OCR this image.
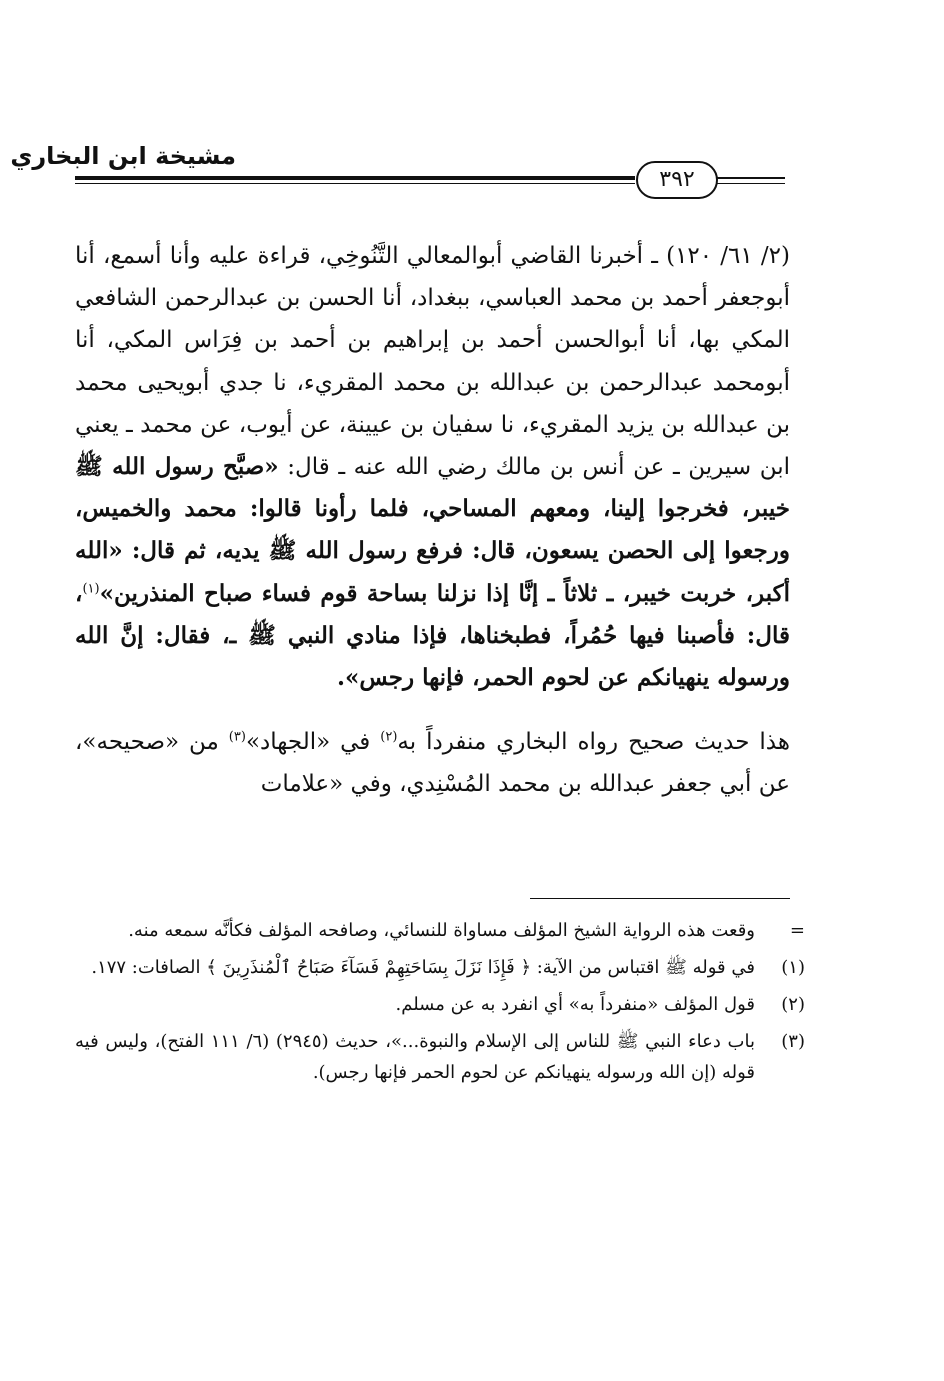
مشيخة ابن البخاري
٣٩٢

(٢/ ٦١/ ١٢٠) ـ أخبرنا القاضي أبوالمعالي التَّنُوخِي، قراءة عليه وأنا أسمع، أنا أبوجعفر أحمد بن محمد العباسي، ببغداد، أنا الحسن بن عبدالرحمن الشافعي المكي بها، أنا أبوالحسن أحمد بن إبراهيم بن أحمد بن فِرَاس المكي، أنا أبومحمد عبدالرحمن بن عبدالله بن محمد المقريء، نا جدي أبويحيى محمد بن عبدالله بن يزيد المقريء، نا سفيان بن عيينة، عن أيوب، عن محمد ـ يعني ابن سيرين ـ عن أنس بن مالك رضي الله عنه ـ قال: «صبَّح رسول الله ﷺ خيبر، فخرجوا إلينا، ومعهم المساحي، فلما رأونا قالوا: محمد والخميس، ورجعوا إلى الحصن يسعون، قال: فرفع رسول الله ﷺ يديه، ثم قال: «الله أكبر، خربت خيبر، ـ ثلاثاً ـ إنَّا إذا نزلنا بساحة قوم فساء صباح المنذرين»$^{(١)}$، قال: فأصبنا فيها حُمُراً، فطبخناها، فإذا منادي النبي ﷺ ـ، فقال: إنَّ الله ورسوله ينهيانكم عن لحوم الحمر، فإنها رجس».

هذا حديث صحيح رواه البخاري منفرداً به$^{(٢)}$ في «الجهاد»$^{(٣)}$ من «صحيحه»، عن أبي جعفر عبدالله بن محمد المُسْنِدي، وفي «علامات

=
وقعت هذه الرواية الشيخ المؤلف مساواة للنسائي، وصافحه المؤلف فكأنَّه سمعه منه.
(١)
في قوله ﷺ اقتباس من الآية: ﴿ فَإِذَا نَزَلَ بِسَاحَتِهِمْ فَسَآءَ صَبَاحُ ٱلْمُنذَرِينَ ﴾ الصافات: ١٧٧.
(٢)
قول المؤلف «منفرداً به» أي انفرد به عن مسلم.
(٣)
باب دعاء النبي ﷺ للناس إلى الإسلام والنبوة...»، حديث (٢٩٤٥) (٦/ ١١١ الفتح)، وليس فيه قوله (إن الله ورسوله ينهيانكم عن لحوم الحمر فإنها رجس).
